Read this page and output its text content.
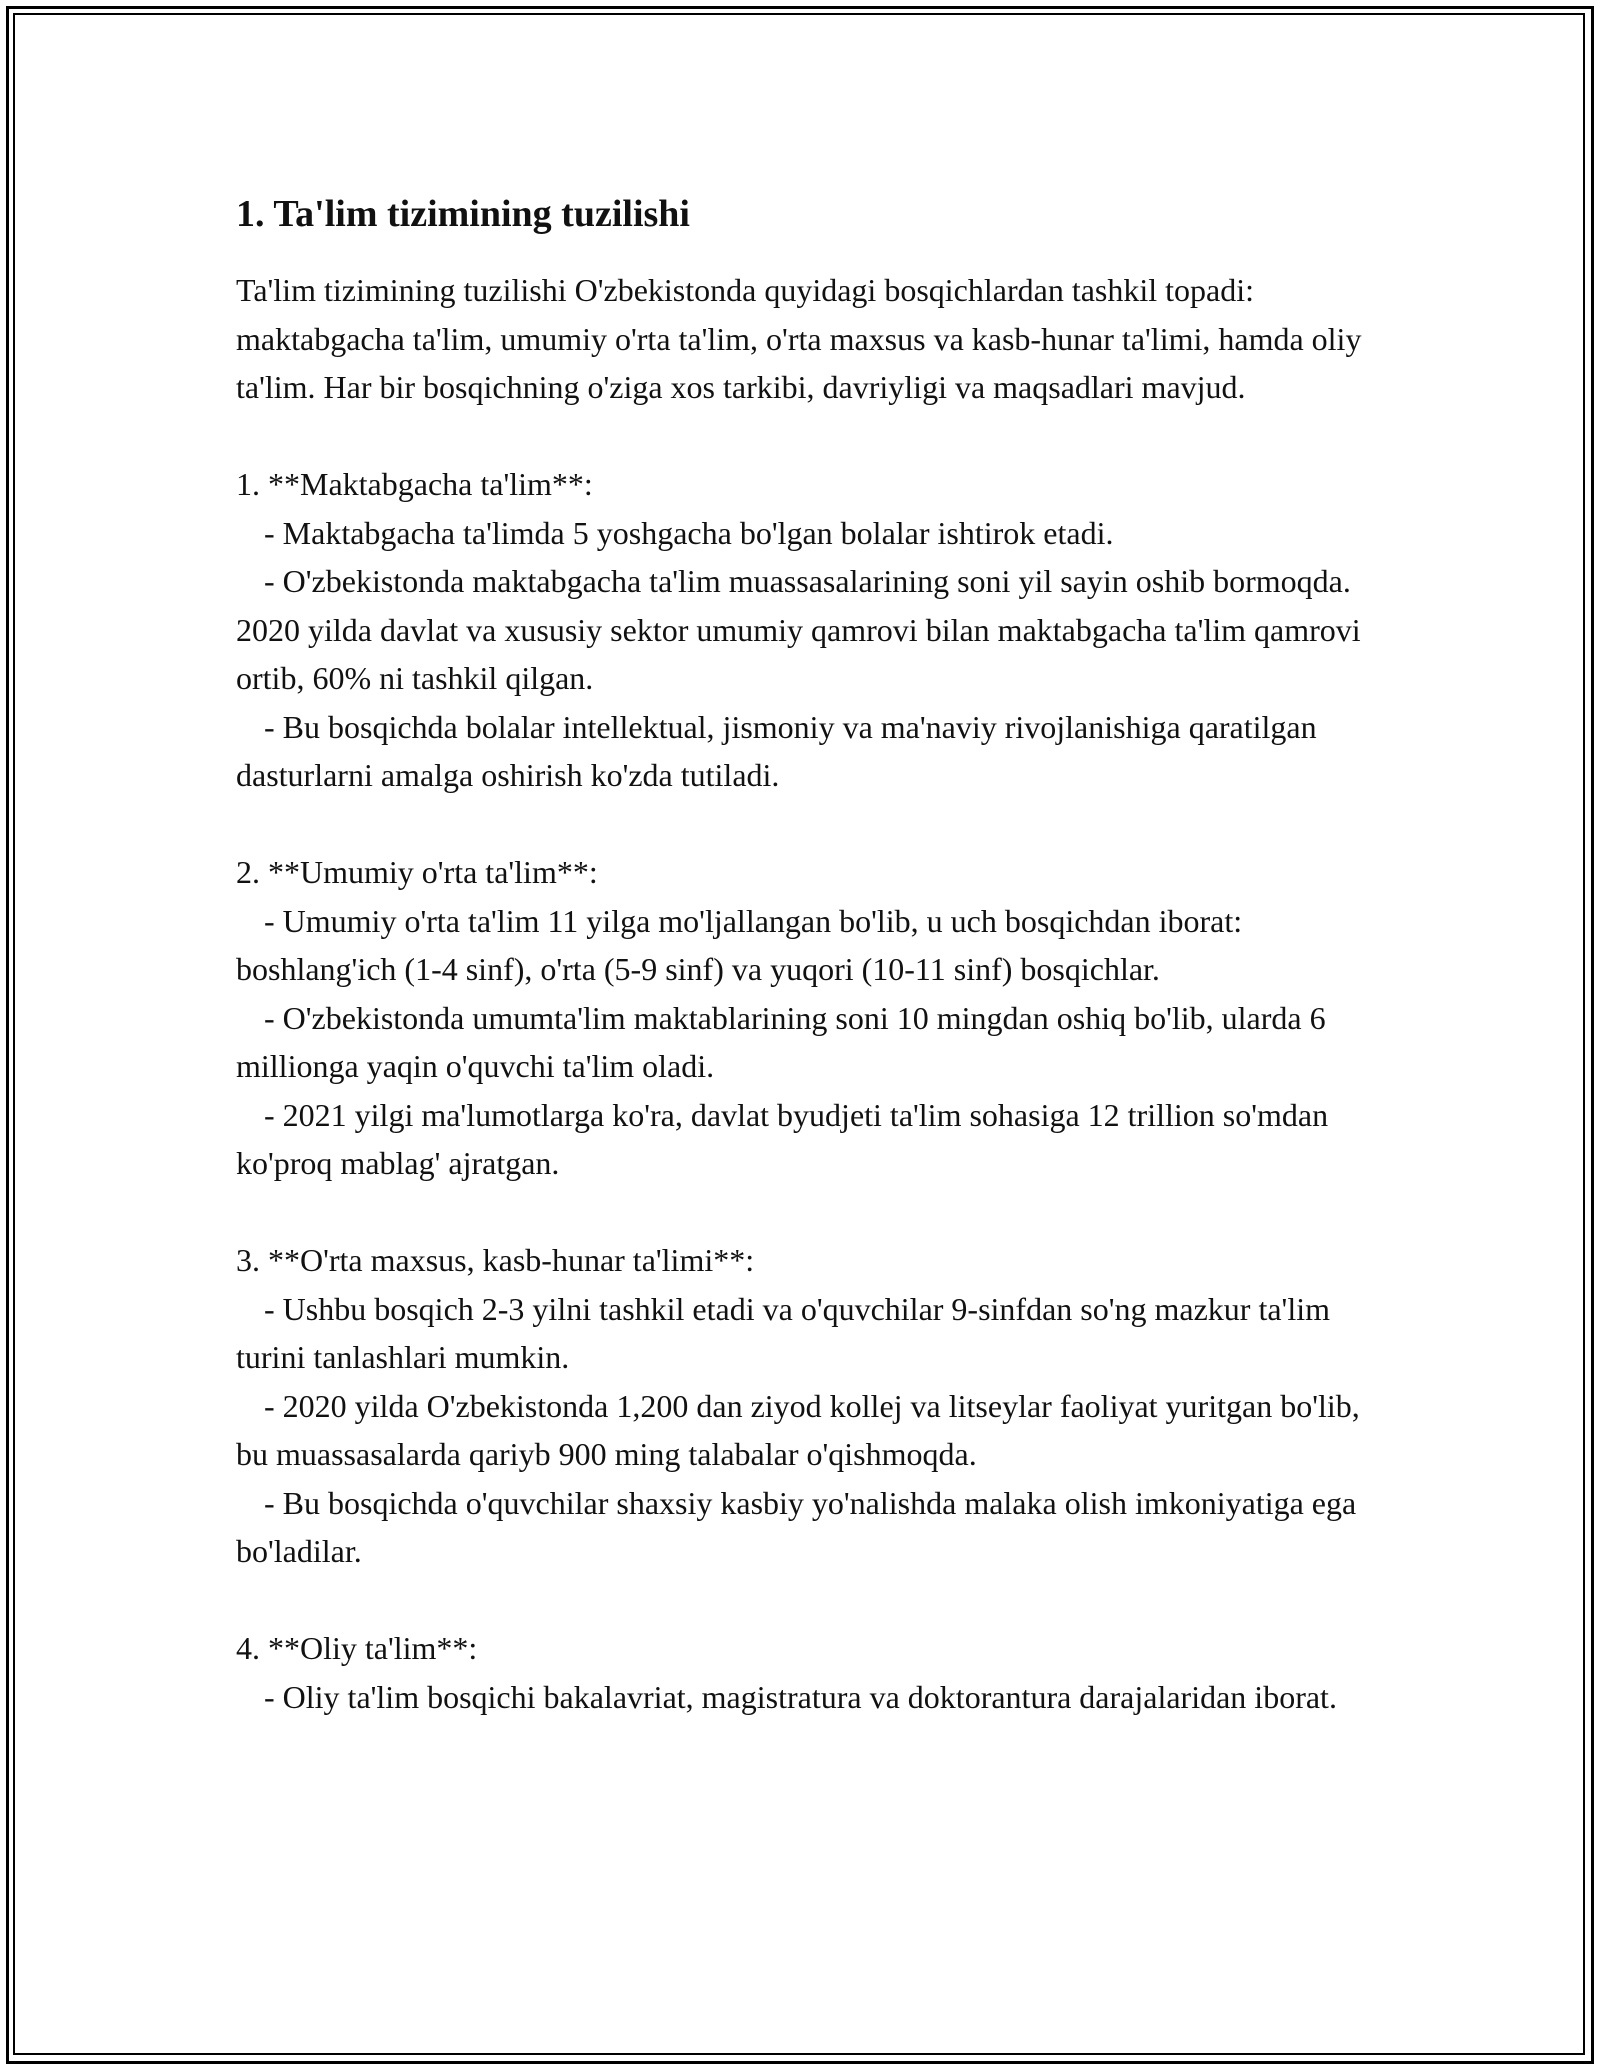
1. Ta'lim tizimining tuzilishi

Ta'lim tizimining tuzilishi O'zbekistonda quyidagi bosqichlardan tashkil topadi: maktabgacha ta'lim, umumiy o'rta ta'lim, o'rta maxsus va kasb-hunar ta'limi, hamda oliy ta'lim. Har bir bosqichning o'ziga xos tarkibi, davriyligi va maqsadlari mavjud.

1. **Maktabgacha ta'lim**:
- Maktabgacha ta'limda 5 yoshgacha bo'lgan bolalar ishtirok etadi.
- O'zbekistonda maktabgacha ta'lim muassasalarining soni yil sayin oshib bormoqda. 2020 yilda davlat va xususiy sektor umumiy qamrovi bilan maktabgacha ta'lim qamrovi ortib, 60% ni tashkil qilgan.
- Bu bosqichda bolalar intellektual, jismoniy va ma'naviy rivojlanishiga qaratilgan dasturlarni amalga oshirish ko'zda tutiladi.
2. **Umumiy o'rta ta'lim**:
- Umumiy o'rta ta'lim 11 yilga mo'ljallangan bo'lib, u uch bosqichdan iborat: boshlang'ich (1-4 sinf), o'rta (5-9 sinf) va yuqori (10-11 sinf) bosqichlar.
- O'zbekistonda umumta'lim maktablarining soni 10 mingdan oshiq bo'lib, ularda 6 millionga yaqin o'quvchi ta'lim oladi.
- 2021 yilgi ma'lumotlarga ko'ra, davlat byudjeti ta'lim sohasiga 12 trillion so'mdan ko'proq mablag' ajratgan.
3. **O'rta maxsus, kasb-hunar ta'limi**:
- Ushbu bosqich 2-3 yilni tashkil etadi va o'quvchilar 9-sinfdan so'ng mazkur ta'lim turini tanlashlari mumkin.
- 2020 yilda O'zbekistonda 1,200 dan ziyod kollej va litseylar faoliyat yuritgan bo'lib, bu muassasalarda qariyb 900 ming talabalar o'qishmoqda.
- Bu bosqichda o'quvchilar shaxsiy kasbiy yo'nalishda malaka olish imkoniyatiga ega bo'ladilar.
4. **Oliy ta'lim**:
- Oliy ta'lim bosqichi bakalavriat, magistratura va doktorantura darajalaridan iborat.
